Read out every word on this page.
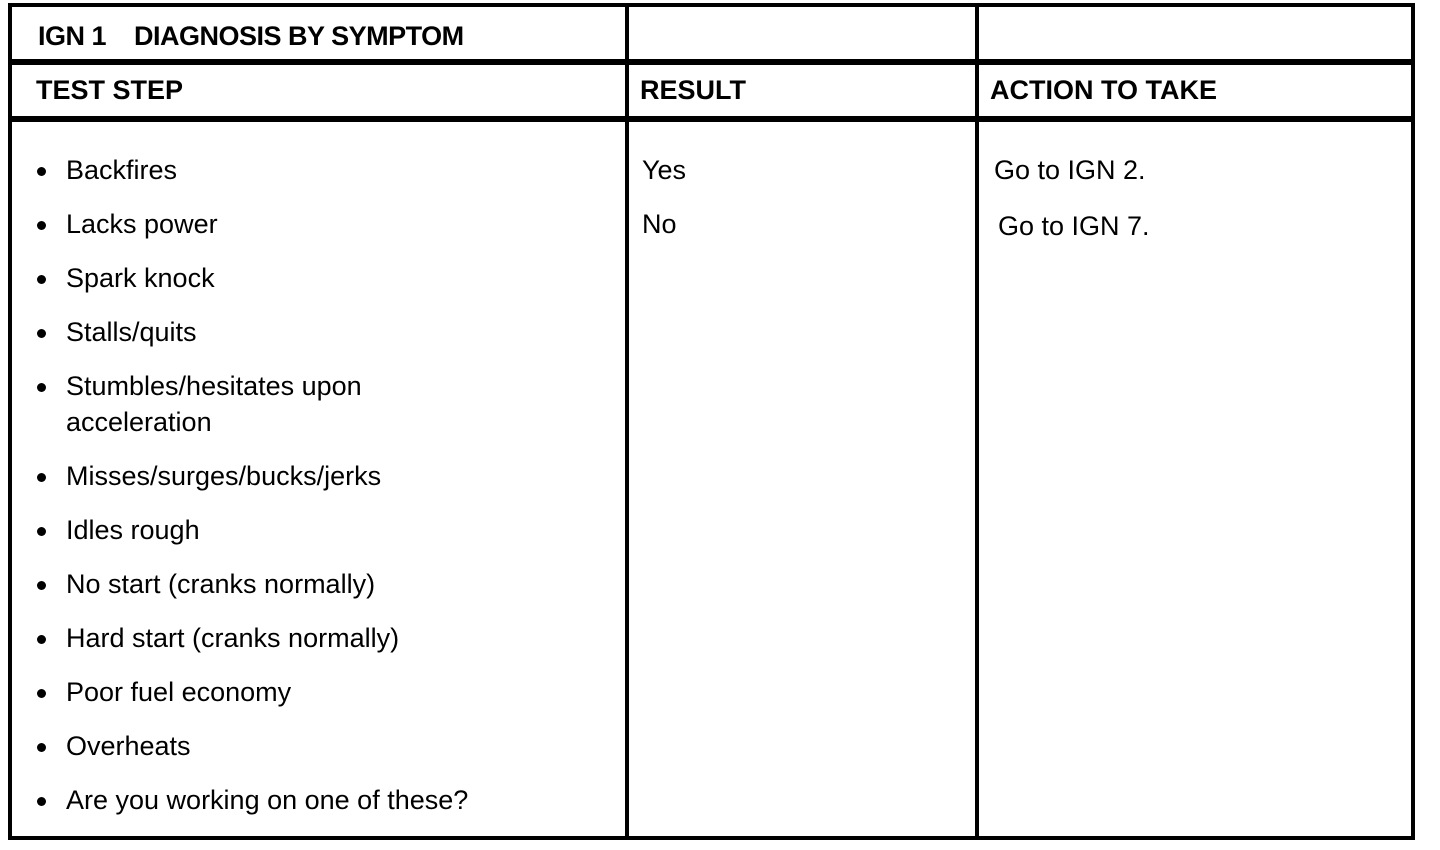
IGN 1    DIAGNOSIS BY SYMPTOM
TEST STEP	RESULT	ACTION TO TAKE
Backfires
Lacks power
Spark knock
Stalls/quits
Stumbles/hesitates upon acceleration
Misses/surges/bucks/jerks
Idles rough
No start (cranks normally)
Hard start (cranks normally)
Poor fuel economy
Overheats
Are you working on one of these?
Yes
No
Go to IGN 2.
Go to IGN 7.
